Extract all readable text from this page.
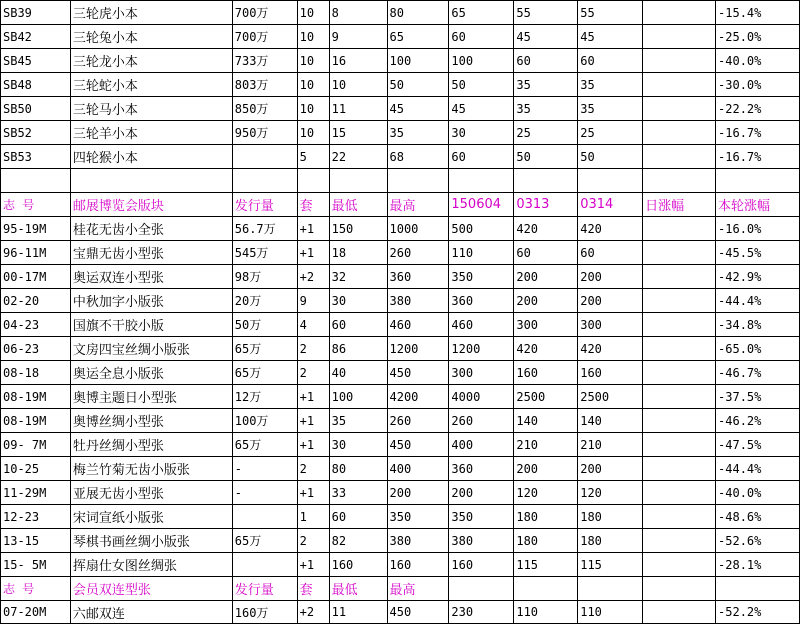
SB39	三轮虎小本	700万	10	8	80	65	55	55		-15.4%
SB42	三轮兔小本	700万	10	9	65	60	45	45		-25.0%
SB45	三轮龙小本	733万	10	16	100	100	60	60		-40.0%
SB48	三轮蛇小本	803万	10	10	50	50	35	35		-30.0%
SB50	三轮马小本	850万	10	11	45	45	35	35		-22.2%
SB52	三轮羊小本	950万	10	15	35	30	25	25		-16.7%
SB53	四轮猴小本		5	22	68	60	50	50		-16.7%

志 号	邮展博览会版块	发行量	套	最低	最高	150604	0313	0314	日涨幅	本轮涨幅
95-19M	桂花无齿小全张	56.7万	+1	150	1000	500	420	420		-16.0%
96-11M	宝鼎无齿小型张	545万	+1	18	260	110	60	60		-45.5%
00-17M	奥运双连小型张	98万	+2	32	360	350	200	200		-42.9%
02-20	中秋加字小版张	20万	9	30	380	360	200	200		-44.4%
04-23	国旗不干胶小版	50万	4	60	460	460	300	300		-34.8%
06-23	文房四宝丝绸小版张	65万	2	86	1200	1200	420	420		-65.0%
08-18	奥运全息小版张	65万	2	40	450	300	160	160		-46.7%
08-19M	奥博主题日小型张	12万	+1	100	4200	4000	2500	2500		-37.5%
08-19M	奥博丝绸小型张	100万	+1	35	260	260	140	140		-46.2%
09- 7M	牡丹丝绸小型张	65万	+1	30	450	400	210	210		-47.5%
10-25	梅兰竹菊无齿小版张	-	2	80	400	360	200	200		-44.4%
11-29M	亚展无齿小型张	-	+1	33	200	200	120	120		-40.0%
12-23	宋词宣纸小版张		1	60	350	350	180	180		-48.6%
13-15	琴棋书画丝绸小版张	65万	2	82	380	380	180	180		-52.6%
15- 5M	挥扇仕女图丝绸张		+1	160	160	160	115	115		-28.1%
志 号	会员双连型张	发行量	套	最低	最高					
07-20M	六邮双连	160万	+2	11	450	230	110	110		-52.2%
